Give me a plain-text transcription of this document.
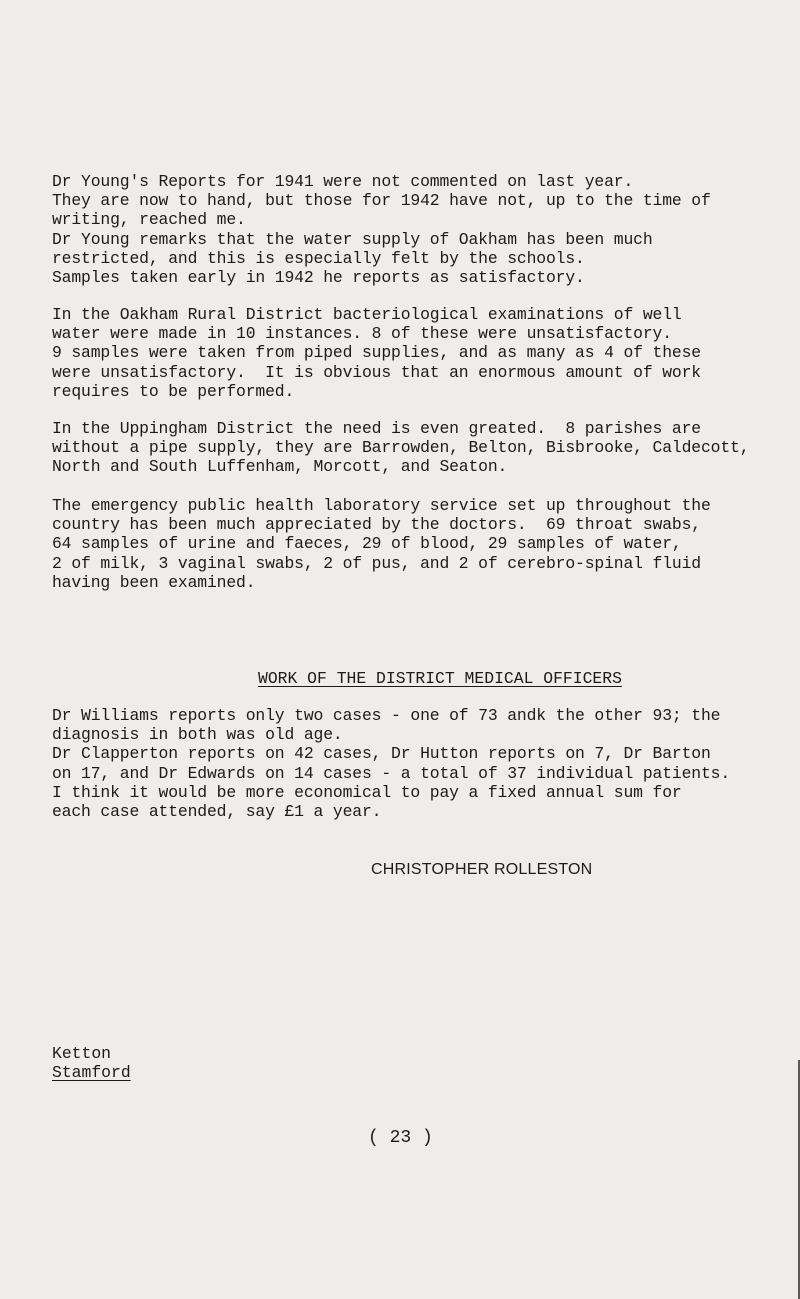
Dr Young's Reports for 1941 were not commented on last year.
They are now to hand, but those for 1942 have not, up to the time of
writing, reached me.
Dr Young remarks that the water supply of Oakham has been much
restricted, and this is especially felt by the schools.
Samples taken early in 1942 he reports as satisfactory.

In the Oakham Rural District bacteriological examinations of well
water were made in 10 instances. 8 of these were unsatisfactory.
9 samples were taken from piped supplies, and as many as 4 of these
were unsatisfactory.  It is obvious that an enormous amount of work
requires to be performed.

In the Uppingham District the need is even greated.  8 parishes are
without a pipe supply, they are Barrowden, Belton, Bisbrooke, Caldecott,
North and South Luffenham, Morcott, and Seaton.

The emergency public health laboratory service set up throughout the
country has been much appreciated by the doctors.  69 throat swabs,
64 samples of urine and faeces, 29 of blood, 29 samples of water,
2 of milk, 3 vaginal swabs, 2 of pus, and 2 of cerebro-spinal fluid
having been examined.

WORK OF THE DISTRICT MEDICAL OFFICERS

Dr Williams reports only two cases - one of 73 andk the other 93; the
diagnosis in both was old age.
Dr Clapperton reports on 42 cases, Dr Hutton reports on 7, Dr Barton
on 17, and Dr Edwards on 14 cases - a total of 37 individual patients.
I think it would be more economical to pay a fixed annual sum for
each case attended, say £1 a year.

CHRISTOPHER ROLLESTON

Ketton

Stamford

( 23 )
